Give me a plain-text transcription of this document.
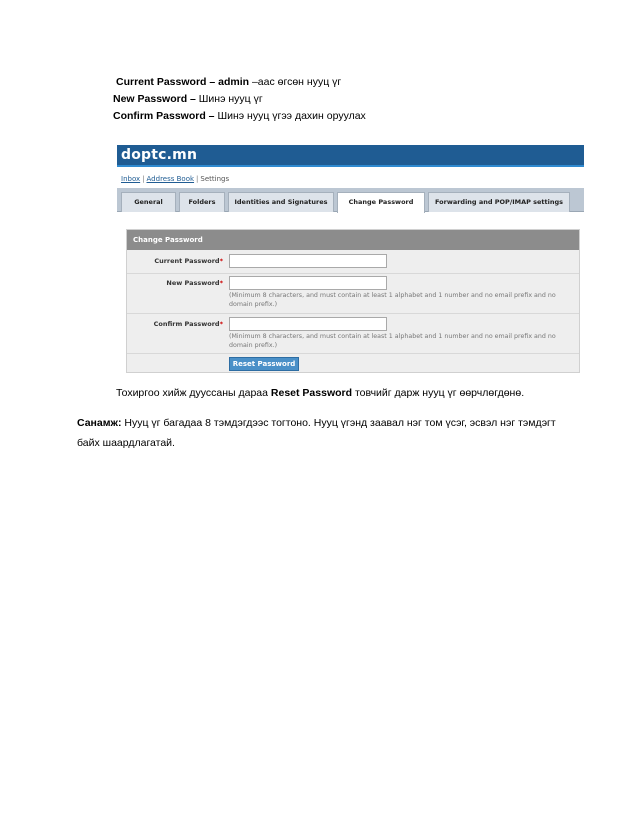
Current Password – admin –аас өгсөн нууц үг
New Password – Шинэ нууц үг
Confirm Password – Шинэ нууц үгээ дахин оруулах
doptc.mn
Inbox | Address Book | Settings
General	Folders	Identities and Signatures	Change Password	Forwarding and POP/IMAP settings
Change Password
Current Password*
New Password*
(Minimum 8 characters, and must contain at least 1 alphabet and 1 number and no email prefix and no domain prefix.)
Confirm Password*
(Minimum 8 characters, and must contain at least 1 alphabet and 1 number and no email prefix and no domain prefix.)
Reset Password
Тохиргоо хийж дууссаны дараа Reset Password товчийг дарж нууц үг өөрчлөгдөнө.
Санамж: Нууц үг багадаа 8 тэмдэгдээс тогтоно. Нууц үгэнд заавал нэг том үсэг, эсвэл нэг тэмдэгт
байх шаардлагатай.
